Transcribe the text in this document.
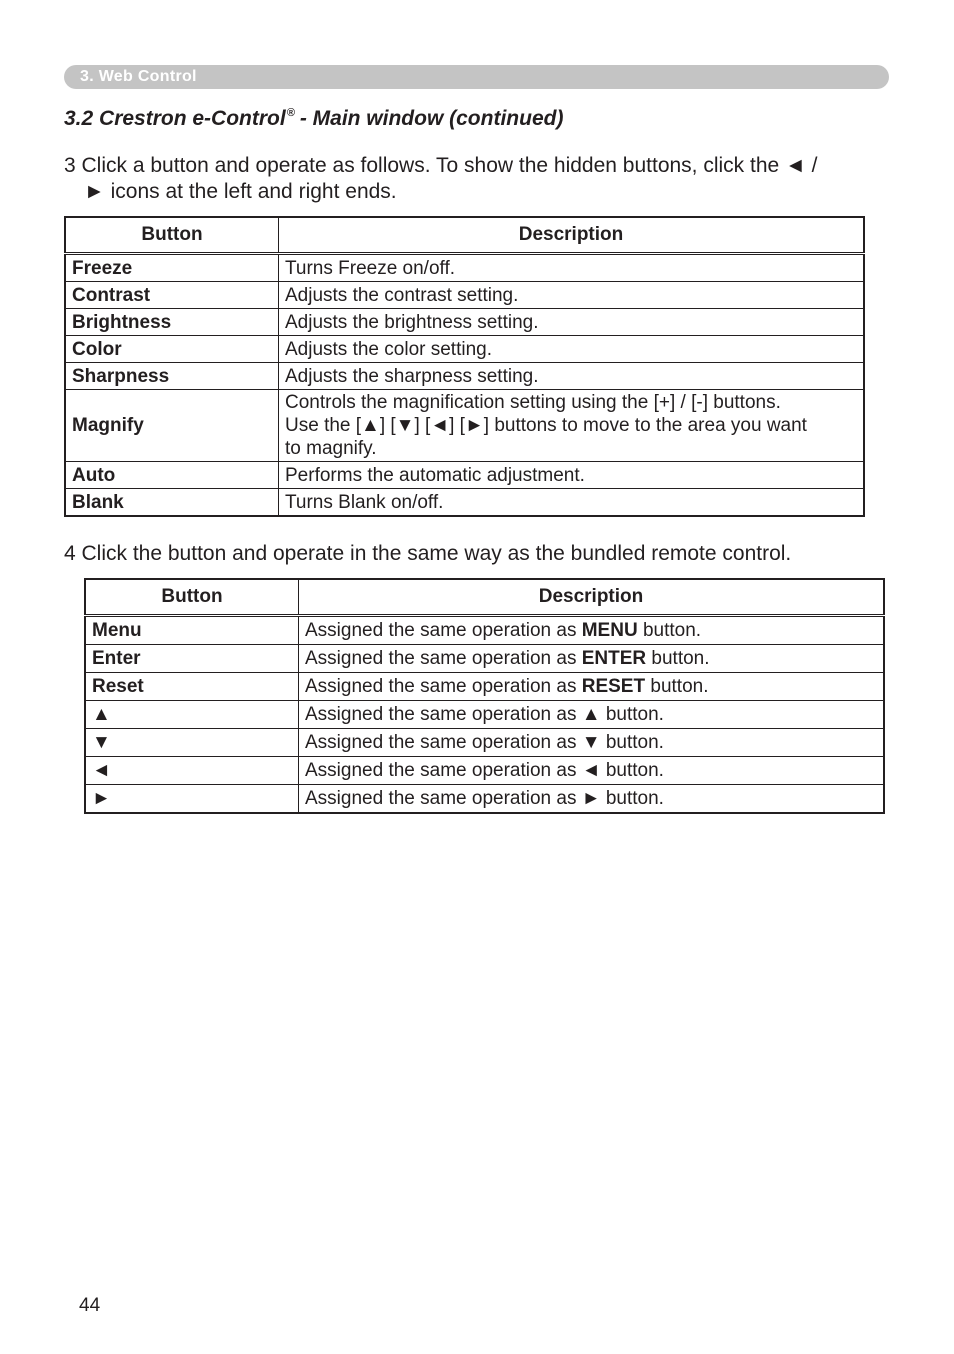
3. Web Control
3.2 Crestron e-Control® - Main window (continued)
3 Click a button and operate as follows. To show the hidden buttons, click the ◄ /
► icons at the left and right ends.
Button	Description
Freeze	Turns Freeze on/off.
Contrast	Adjusts the contrast setting.
Brightness	Adjusts the brightness setting.
Color	Adjusts the color setting.
Sharpness	Adjusts the sharpness setting.
Magnify	Controls the magnification setting using the [+] / [-] buttons.
Use the [▲] [▼] [◄] [►] buttons to move to the area you want
to magnify.

Auto	Performs the automatic adjustment.
Blank	Turns Blank on/off.
4 Click the button and operate in the same way as the bundled remote control.
Button	Description
Menu	Assigned the same operation as MENU button.
Enter	Assigned the same operation as ENTER button.
Reset	Assigned the same operation as RESET button.
▲	Assigned the same operation as ▲ button.
▼	Assigned the same operation as ▼ button.
◄	Assigned the same operation as ◄ button.
►	Assigned the same operation as ► button.
44
